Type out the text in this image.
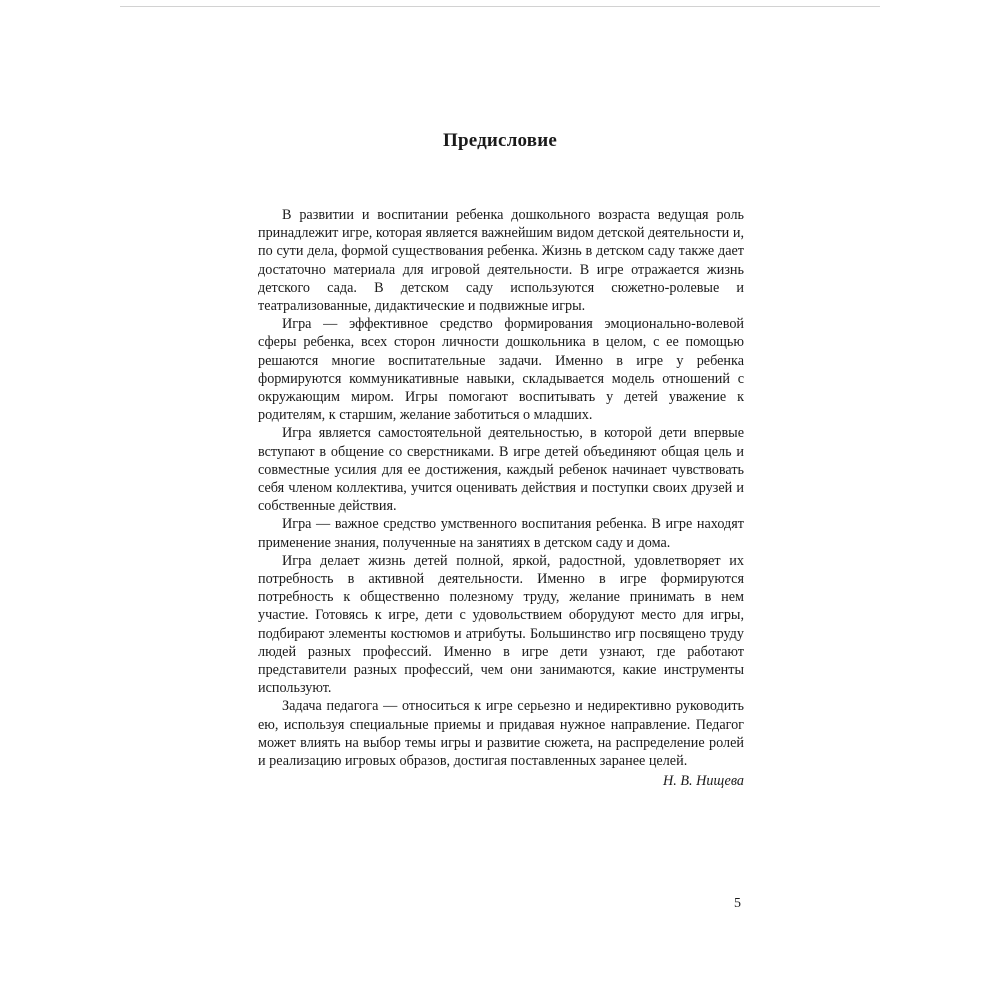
Предисловие

В развитии и воспитании ребенка дошкольного возраста ведущая роль принадлежит игре, которая является важнейшим видом детской деятельности и, по сути дела, формой существования ребенка. Жизнь в детском саду также дает достаточно материала для игровой деятельности. В игре отражается жизнь детского сада. В детском саду используются сюжетно-ролевые и театрализованные, дидактические и подвижные игры.

Игра — эффективное средство формирования эмоционально-волевой сферы ребенка, всех сторон личности дошкольника в целом, с ее помощью решаются многие воспитательные задачи. Именно в игре у ребенка формируются коммуникативные навыки, складывается модель отношений с окружающим миром. Игры помогают воспитывать у детей уважение к родителям, к старшим, желание заботиться о младших.

Игра является самостоятельной деятельностью, в которой дети впервые вступают в общение со сверстниками. В игре детей объединяют общая цель и совместные усилия для ее достижения, каждый ребенок начинает чувствовать себя членом коллектива, учится оценивать действия и поступки своих друзей и собственные действия.

Игра — важное средство умственного воспитания ребенка. В игре находят применение знания, полученные на занятиях в детском саду и дома.

Игра делает жизнь детей полной, яркой, радостной, удовлетворяет их потребность в активной деятельности. Именно в игре формируются потребность к общественно полезному труду, желание принимать в нем участие. Готовясь к игре, дети с удовольствием оборудуют место для игры, подбирают элементы костюмов и атрибуты. Большинство игр посвящено труду людей разных профессий. Именно в игре дети узнают, где работают представители разных профессий, чем они занимаются, какие инструменты используют.

Задача педагога — относиться к игре серьезно и недирективно руководить ею, используя специальные приемы и придавая нужное направление. Педагог может влиять на выбор темы игры и развитие сюжета, на распределение ролей и реализацию игровых образов, достигая поставленных заранее целей.

Н. В. Нищева

5
